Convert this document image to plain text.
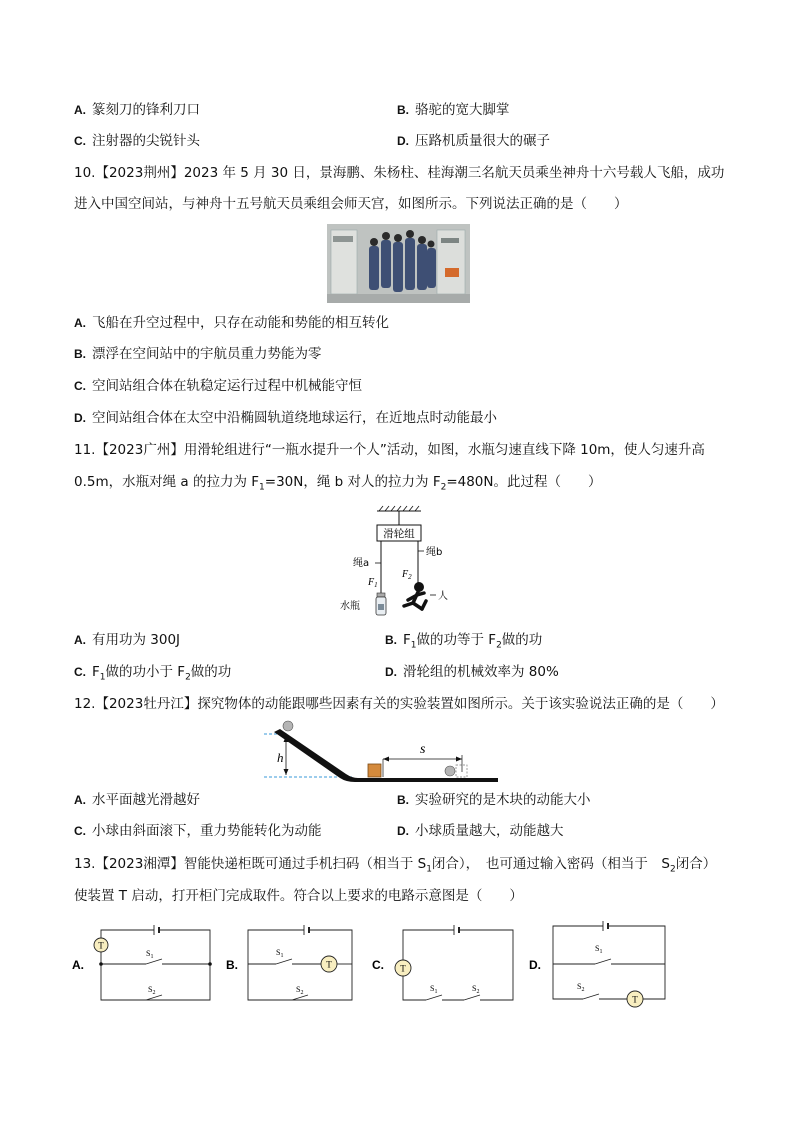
A. 篆刻刀的锋利刀口	B. 骆驼的宽大脚掌
C. 注射器的尖锐针头	D. 压路机质量很大的碾子
10.【2023荆州】2023 年 5 月 30 日，景海鹏、朱杨柱、桂海潮三名航天员乘坐神舟十六号载人飞船，成功
进入中国空间站，与神舟十五号航天员乘组会师天宫，如图所示。下列说法正确的是（　　）
A. 飞船在升空过程中，只存在动能和势能的相互转化
B. 漂浮在空间站中的宇航员重力势能为零
C. 空间站组合体在轨稳定运行过程中机械能守恒
D. 空间站组合体在太空中沿椭圆轨道绕地球运行，在近地点时动能最小
11.【2023广州】用滑轮组进行“一瓶水提升一个人”活动，如图，水瓶匀速直线下降 10m，使人匀速升高
0.5m，水瓶对绳 a 的拉力为 $F_1=30N$，绳 b 对人的拉力为 $F_2=480N$。此过程（　　）
滑轮组
绳b
绳a
$F_1$
$F_2$
水瓶
人
A. 有用功为 300J	B. $F_1$做的功等于 $F_2$做的功
C. $F_1$做的功小于 $F_2$做的功	D. 滑轮组的机械效率为 80%
12.【2023牡丹江】探究物体的动能跟哪些因素有关的实验装置如图所示。关于该实验说法正确的是（　　）
h
s
A. 水平面越光滑越好	B. 实验研究的是木块的动能大小
C. 小球由斜面滚下，重力势能转化为动能	D. 小球质量越大，动能越大
13.【2023湘潭】智能快递柜既可通过手机扫码（相当于 $S_1$闭合），　也可通过输入密码（相当于　$S_2$闭合）
使装置 T 启动，打开柜门完成取件。符合以上要求的电路示意图是（　　）
A.
T
$S_1$
$S_2$
B.	T
$S_1$
$S_2$
C. T
$S_1$	$S_2$
D.
T
$S_1$
$S_2$
